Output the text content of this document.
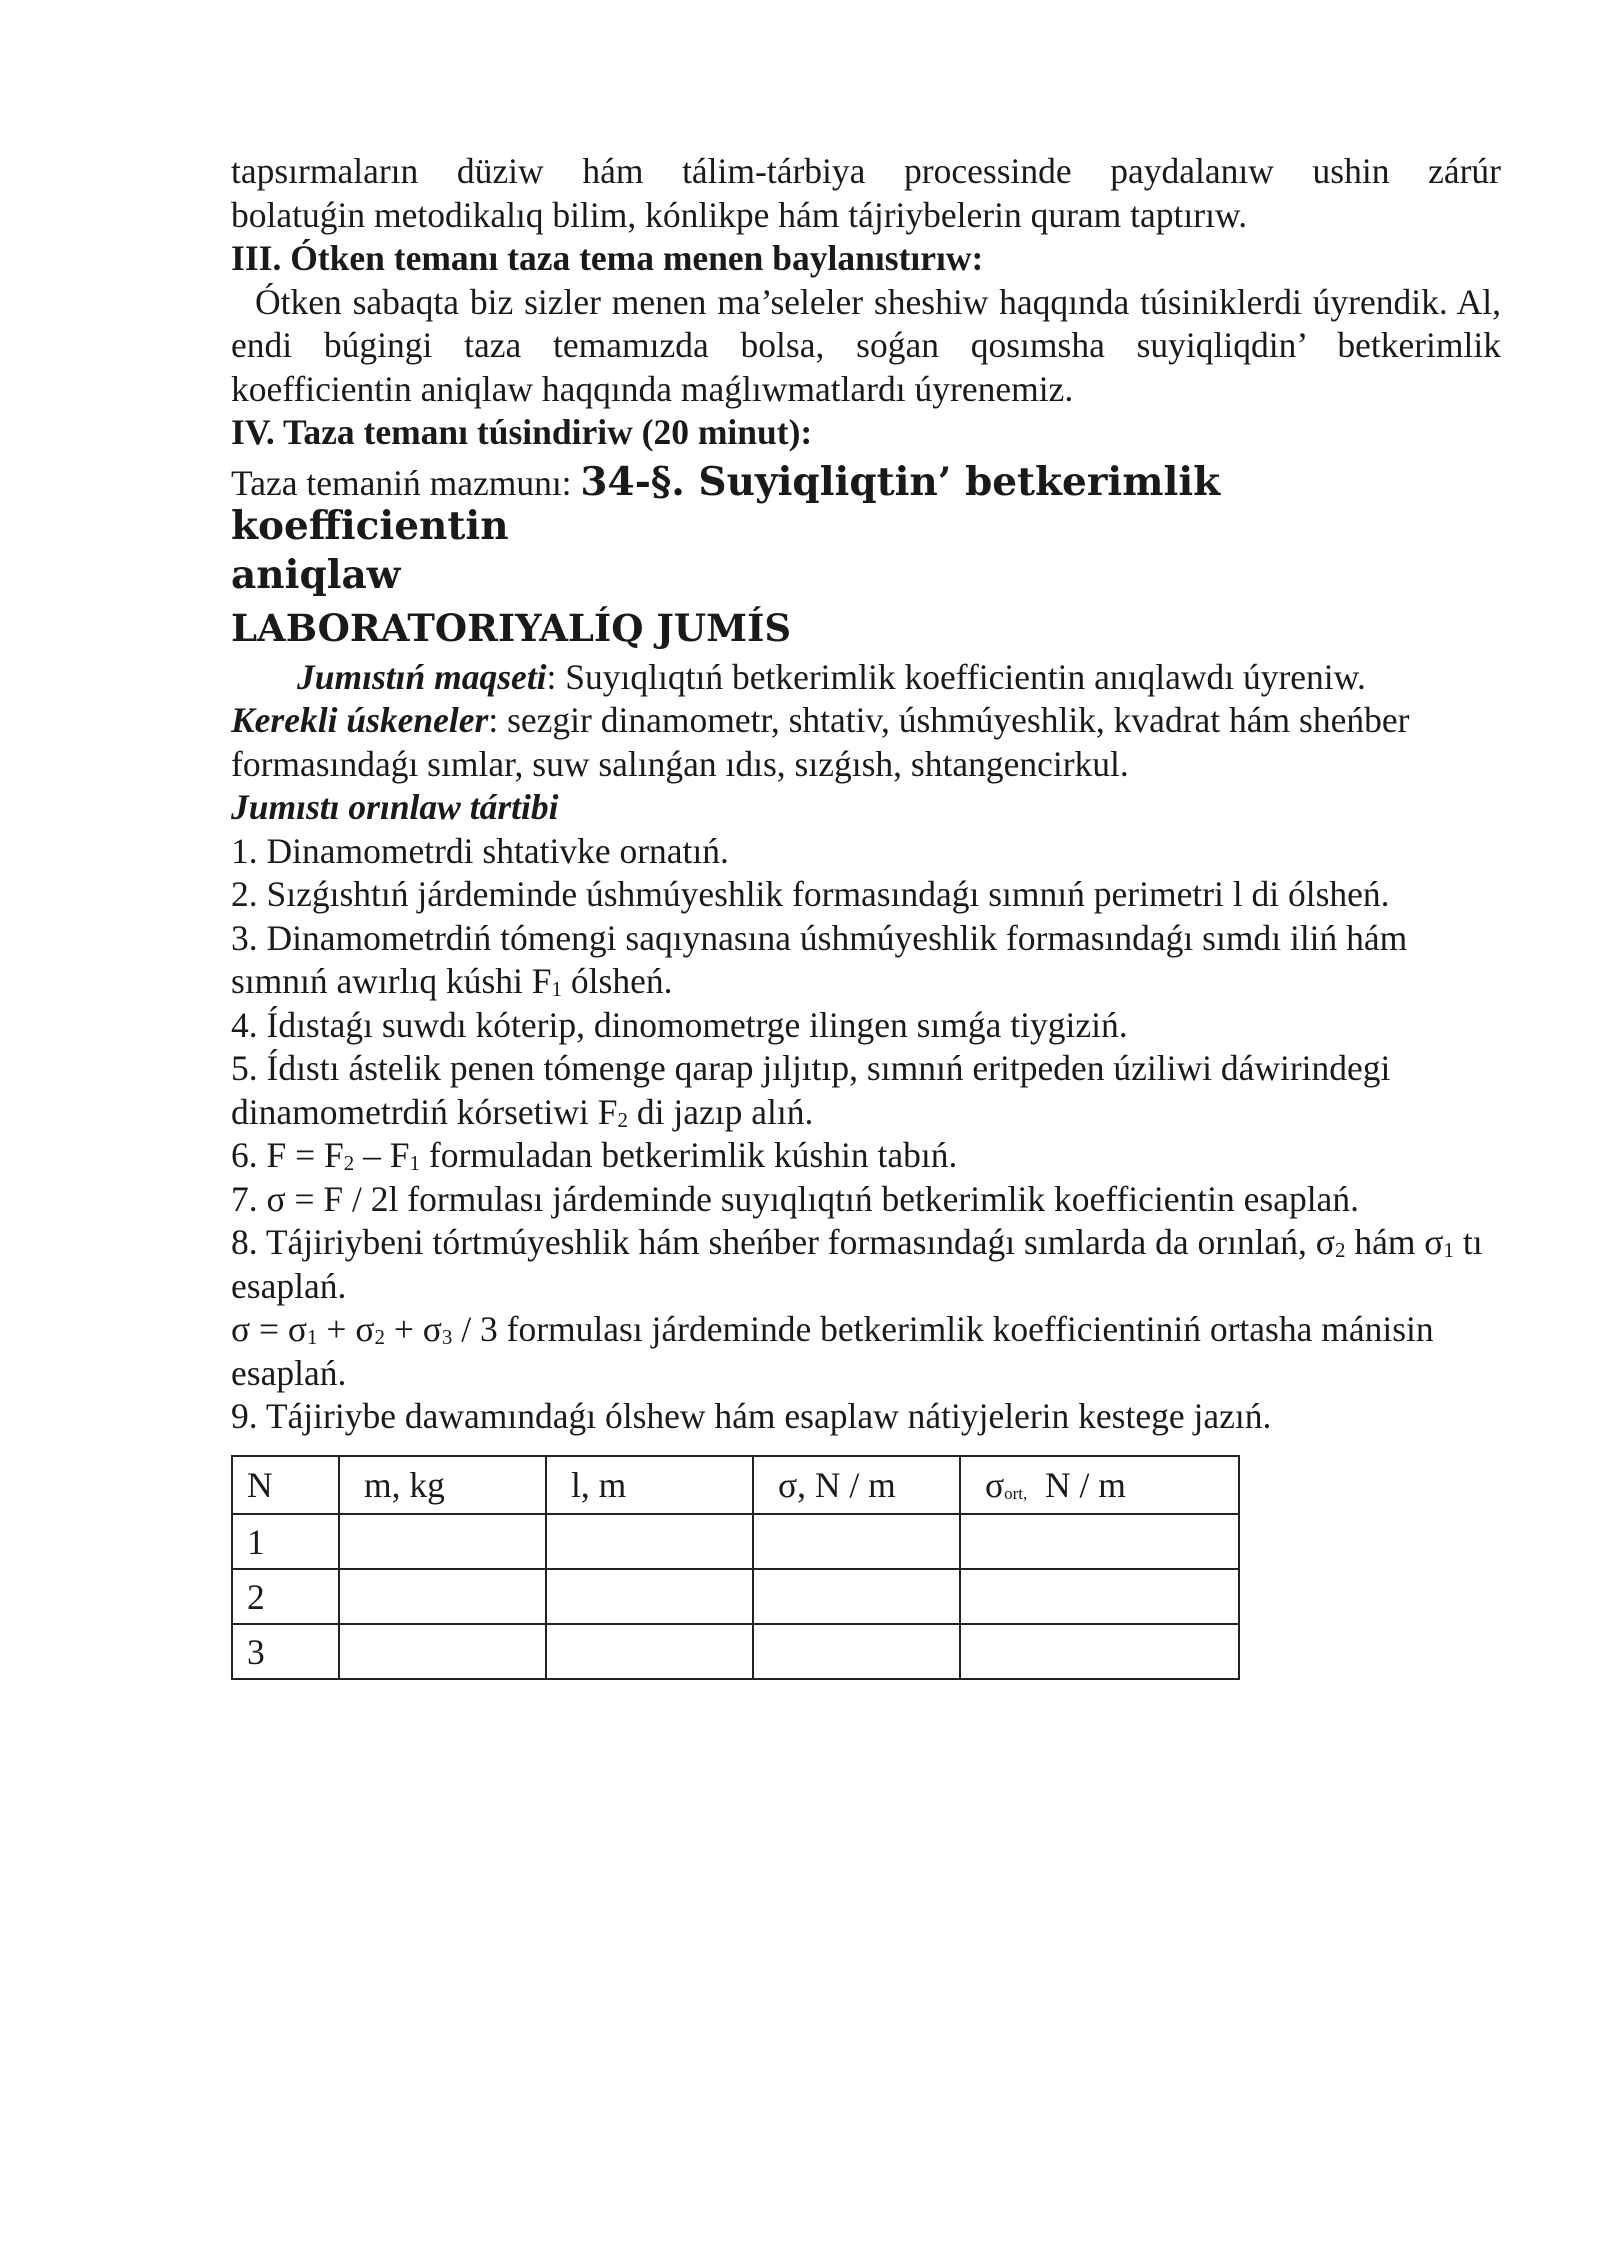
tapsırmaların düziw hám tálim-tárbiya processinde paydalanıw ushin zárúr

bolatuǵin metodikalıq bilim, kónlikpe hám tájriybelerin quram taptırıw.

III. Ótken temanı taza tema menen baylanıstırıw:

Ótken sabaqta biz sizler menen ma’seleler sheshiw haqqında túsiniklerdi úyrendik. Al, endi búgingi taza temamızda bolsa, soǵan qosımsha suyiqliqdin’ betkerimlik koefficientin aniqlaw haqqında maǵlıwmatlardı úyrenemiz.

IV. Taza temanı túsindiriw (20 minut):

Taza temaniń mazmunı: 34-§. Suyiqliqtin’ betkerimlik koefficientin

aniqlaw

LABORATORIYALÍQ JUMÍS

Jumıstıń maqseti: Suyıqlıqtıń betkerimlik koefficientin anıqlawdı úyreniw.

Kerekli úskeneler: sezgir dinamometr, shtativ, úshmúyeshlik, kvadrat hám sheńber formasındaǵı sımlar, suw salınǵan ıdıs, sızǵısh, shtangencirkul.

Jumıstı orınlaw tártibi

1. Dinamometrdi shtativke ornatıń.

2. Sızǵıshtıń járdeminde úshmúyeshlik formasındaǵı sımnıń perimetri l di ólsheń.

3. Dinamometrdiń tómengi saqıynasına úshmúyeshlik formasındaǵı sımdı iliń hám sımnıń awırlıq kúshi $F_1$ ólsheń.

4. Ídıstaǵı suwdı kóterip, dinomometrge ilingen sımǵa tiygiziń.

5. Ídıstı ástelik penen tómenge qarap jıljıtıp, sımnıń eritpeden úziliwi dáwirindegi dinamometrdiń kórsetiwi $F_2$ di jazıp alıń.

6. $F = F_2 - F_1$ formuladan betkerimlik kúshin tabıń.

7. σ = F / 2l formulası járdeminde suyıqlıqtıń betkerimlik koefficientin esaplań.

8. Tájiriybeni tórtmúyeshlik hám sheńber formasındaǵı sımlarda da orınlań, $\sigma_2$ hám $\sigma_1$ tı esaplań.

$\sigma = \sigma_1 + \sigma_2 + \sigma_3 / 3$ formulası járdeminde betkerimlik koefficientiniń ortasha mánisin esaplań.

9. Tájiriybe dawamındaǵı ólshew hám esaplaw nátiyjelerin kestege jazıń.

N	m, kg	l, m	σ, N / m	σort,  N / m
1				
2				
3				
